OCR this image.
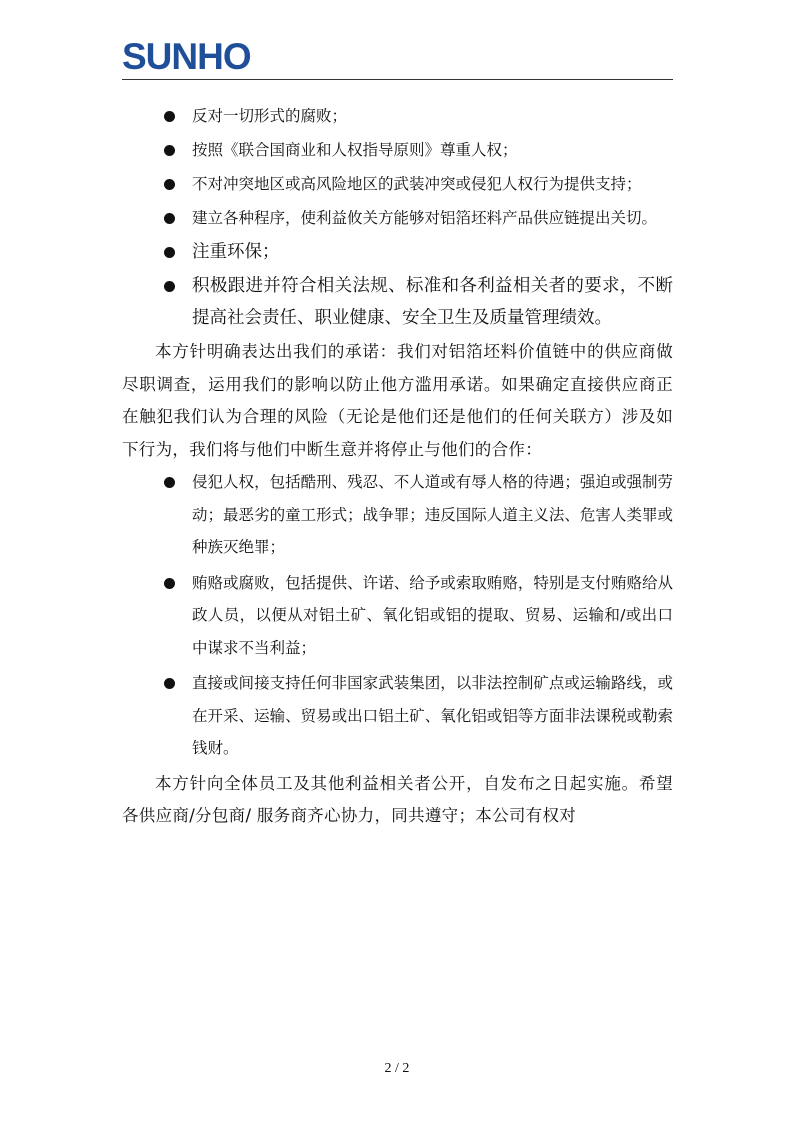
SUNHO
反对一切形式的腐败；
按照《联合国商业和人权指导原则》尊重人权；
不对冲突地区或高风险地区的武装冲突或侵犯人权行为提供支持；
建立各种程序，使利益攸关方能够对铝箔坯料产品供应链提出关切。
注重环保；
积极跟进并符合相关法规、标准和各利益相关者的要求，不断提高社会责任、职业健康、安全卫生及质量管理绩效。

本方针明确表达出我们的承诺：我们对铝箔坯料价值链中的供应商做尽职调查，运用我们的影响以防止他方滥用承诺。如果确定直接供应商正在触犯我们认为合理的风险（无论是他们还是他们的任何关联方）涉及如下行为，我们将与他们中断生意并将停止与他们的合作：

侵犯人权，包括酷刑、残忍、不人道或有辱人格的待遇；强迫或强制劳动；最恶劣的童工形式；战争罪；违反国际人道主义法、危害人类罪或种族灭绝罪；
贿赂或腐败，包括提供、许诺、给予或索取贿赂，特别是支付贿赂给从政人员，以便从对铝土矿、氧化铝或铝的提取、贸易、运输和/或出口中谋求不当利益；
直接或间接支持任何非国家武装集团，以非法控制矿点或运输路线，或在开采、运输、贸易或出口铝土矿、氧化铝或铝等方面非法课税或勒索钱财。

本方针向全体员工及其他利益相关者公开，自发布之日起实施。希望各供应商/分包商/ 服务商齐心协力，同共遵守；本公司有权对

2 / 2
